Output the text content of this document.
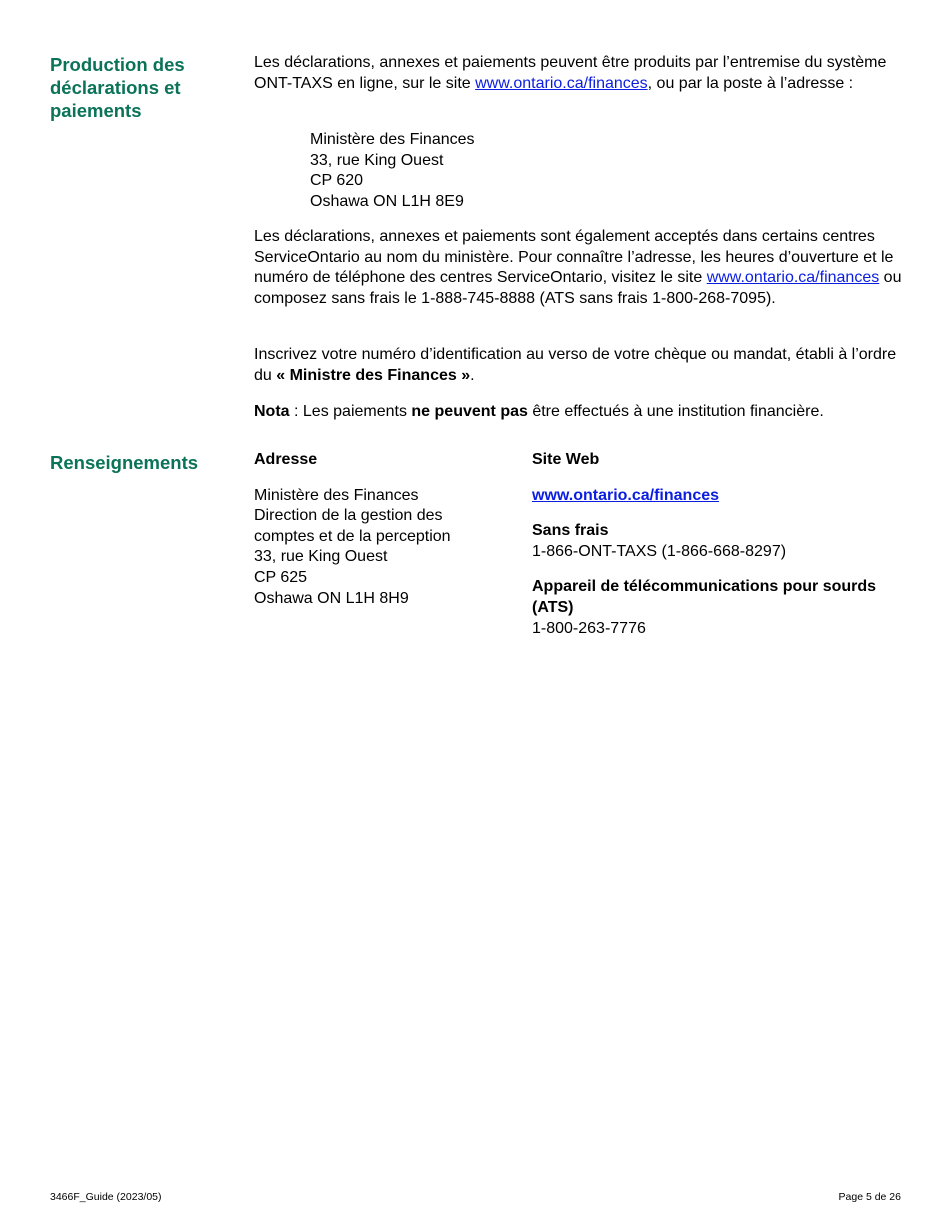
Production des
déclarations et
paiements

Les déclarations, annexes et paiements peuvent être produits par l’entremise du système ONT-TAXS en ligne, sur le site www.ontario.ca/finances, ou par la poste à l’adresse :

Ministère des Finances
33, rue King Ouest
CP 620
Oshawa ON L1H 8E9

Les déclarations, annexes et paiements sont également acceptés dans certains centres ServiceOntario au nom du ministère. Pour connaître l’adresse, les heures d’ouverture et le numéro de téléphone des centres ServiceOntario, visitez le site www.ontario.ca/finances ou composez sans frais le 1-888-745-8888 (ATS sans frais 1-800-268-7095).

Inscrivez votre numéro d’identification au verso de votre chèque ou mandat, établi à l’ordre du « Ministre des Finances ».

Nota : Les paiements ne peuvent pas être effectués à une institution financière.

Renseignements	Adresse
Ministère des Finances
Direction de la gestion des
comptes et de la perception
33, rue King Ouest
CP 625
Oshawa ON L1H 8H9
Site Web
www.ontario.ca/finances
Sans frais
1-866-ONT-TAXS (1-866-668-8297)
Appareil de télécommunications pour sourds
(ATS)
1-800-263-7776
3466F_Guide (2023/05)	Page 5 de 26
